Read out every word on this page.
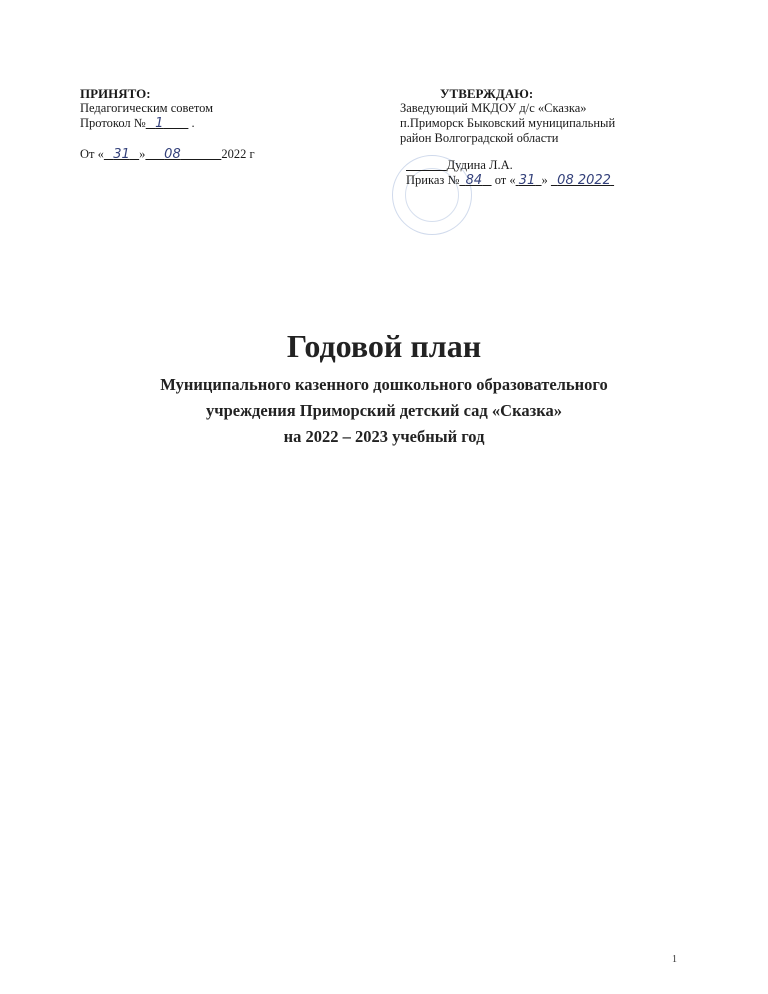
ПРИНЯТО:
Педагогическим советом
Протокол № 1 .
От « 31 » 08	2022 г
УТВЕРЖДАЮ:
Заведующий МКДОУ д/с «Сказка»
п.Приморск Быковский муниципальный
район Волгоградской области
Дудина Л.А.
Приказ № 84 от « 31 » 08 2022
Годовой план
Муниципального казенного дошкольного образовательного
учреждения Приморский детский сад «Сказка»
на 2022 – 2023 учебный год
1
